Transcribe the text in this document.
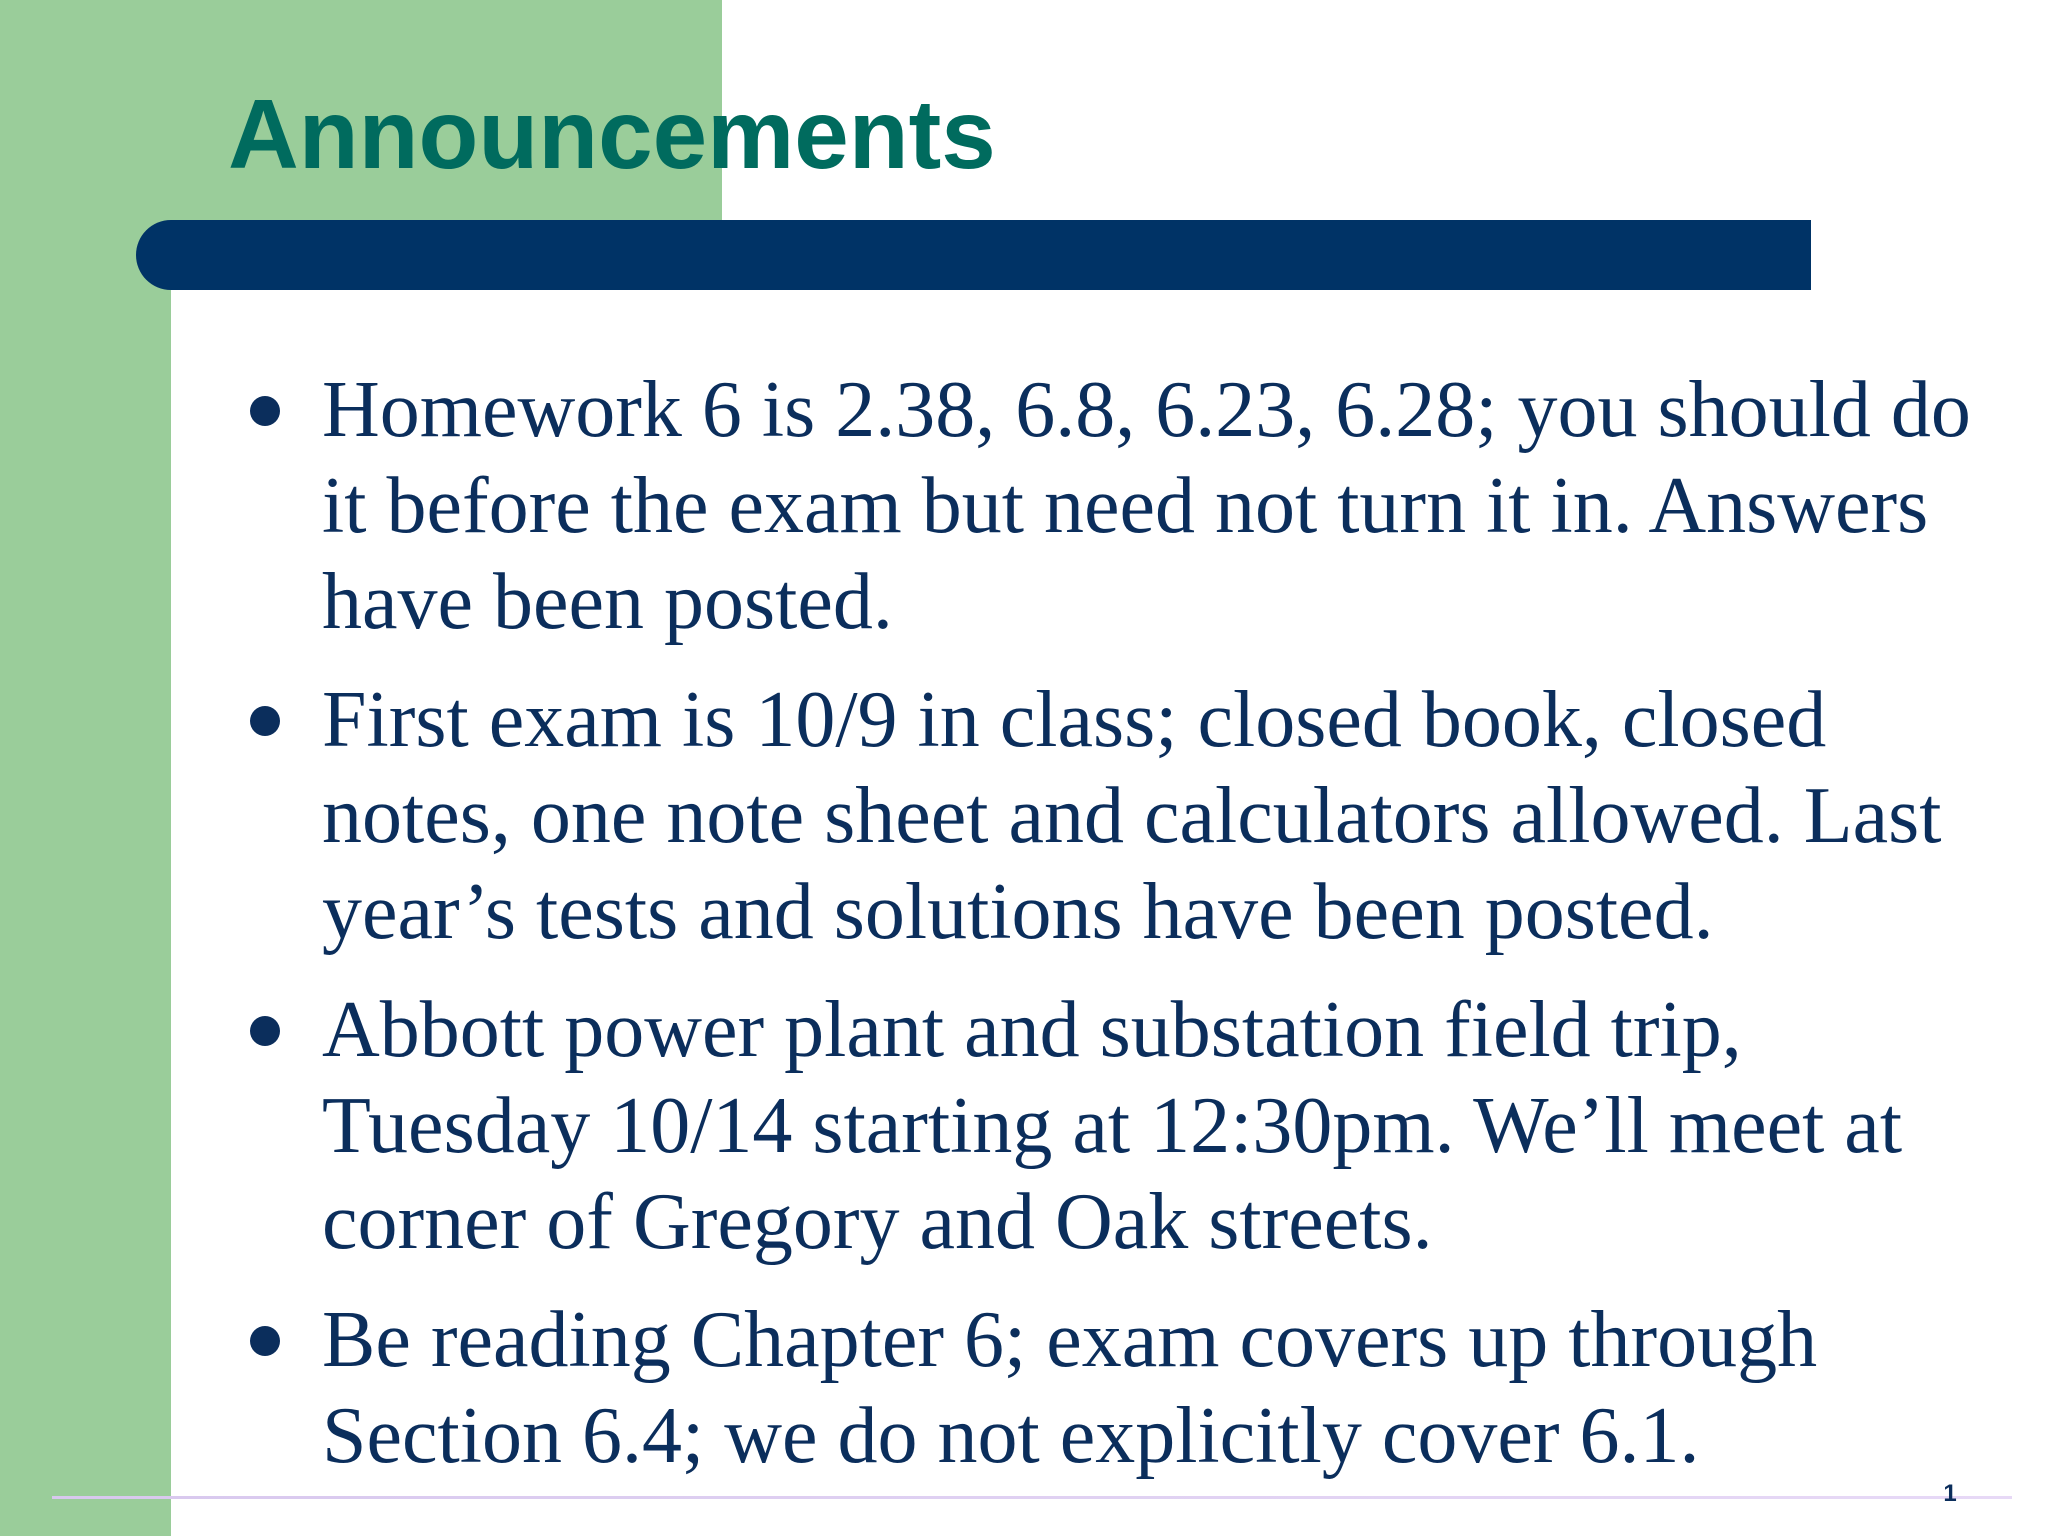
Announcements
Homework 6 is 2.38, 6.8, 6.23, 6.28; you should do it before the exam but need not turn it in. Answers have been posted.
First exam is 10/9 in class; closed book, closed notes, one note sheet and calculators allowed. Last year’s tests and solutions have been posted.
Abbott power plant and substation field trip, Tuesday 10/14 starting at 12:30pm. We’ll meet at corner of Gregory and Oak streets.
Be reading Chapter 6; exam covers up through Section 6.4; we do not explicitly cover 6.1.
1
